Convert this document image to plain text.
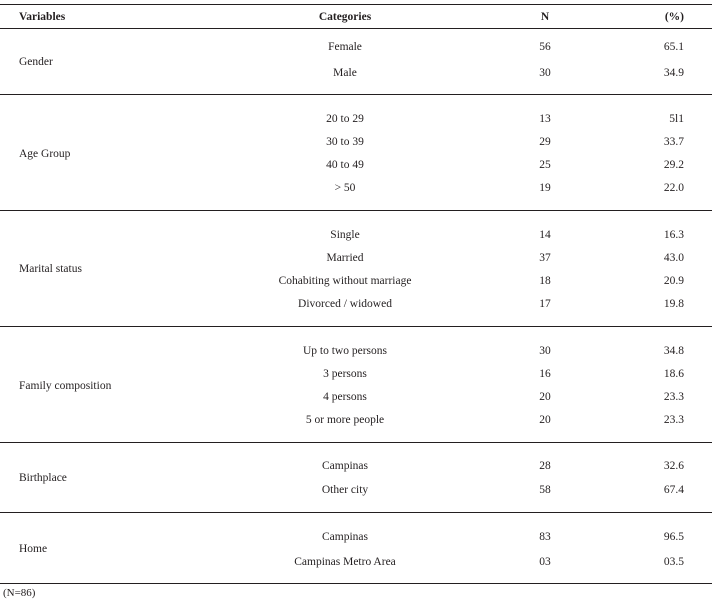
Variables	Categories	N	(%)
Gender
Female	56	65.1
Male	30	34.9
Age Group
20 to 29	13	5l1
30 to 39	29	33.7
40 to 49	25	29.2
> 50	19	22.0
Marital status
Single	14	16.3
Married	37	43.0
Cohabiting without marriage	18	20.9
Divorced / widowed	17	19.8
Family composition
Up to two persons	30	34.8
3 persons	16	18.6
4 persons	20	23.3
5 or more people	20	23.3
Birthplace
Campinas	28	32.6
Other city	58	67.4
Home
Campinas	83	96.5
Campinas Metro Area	03	03.5
(N=86)
